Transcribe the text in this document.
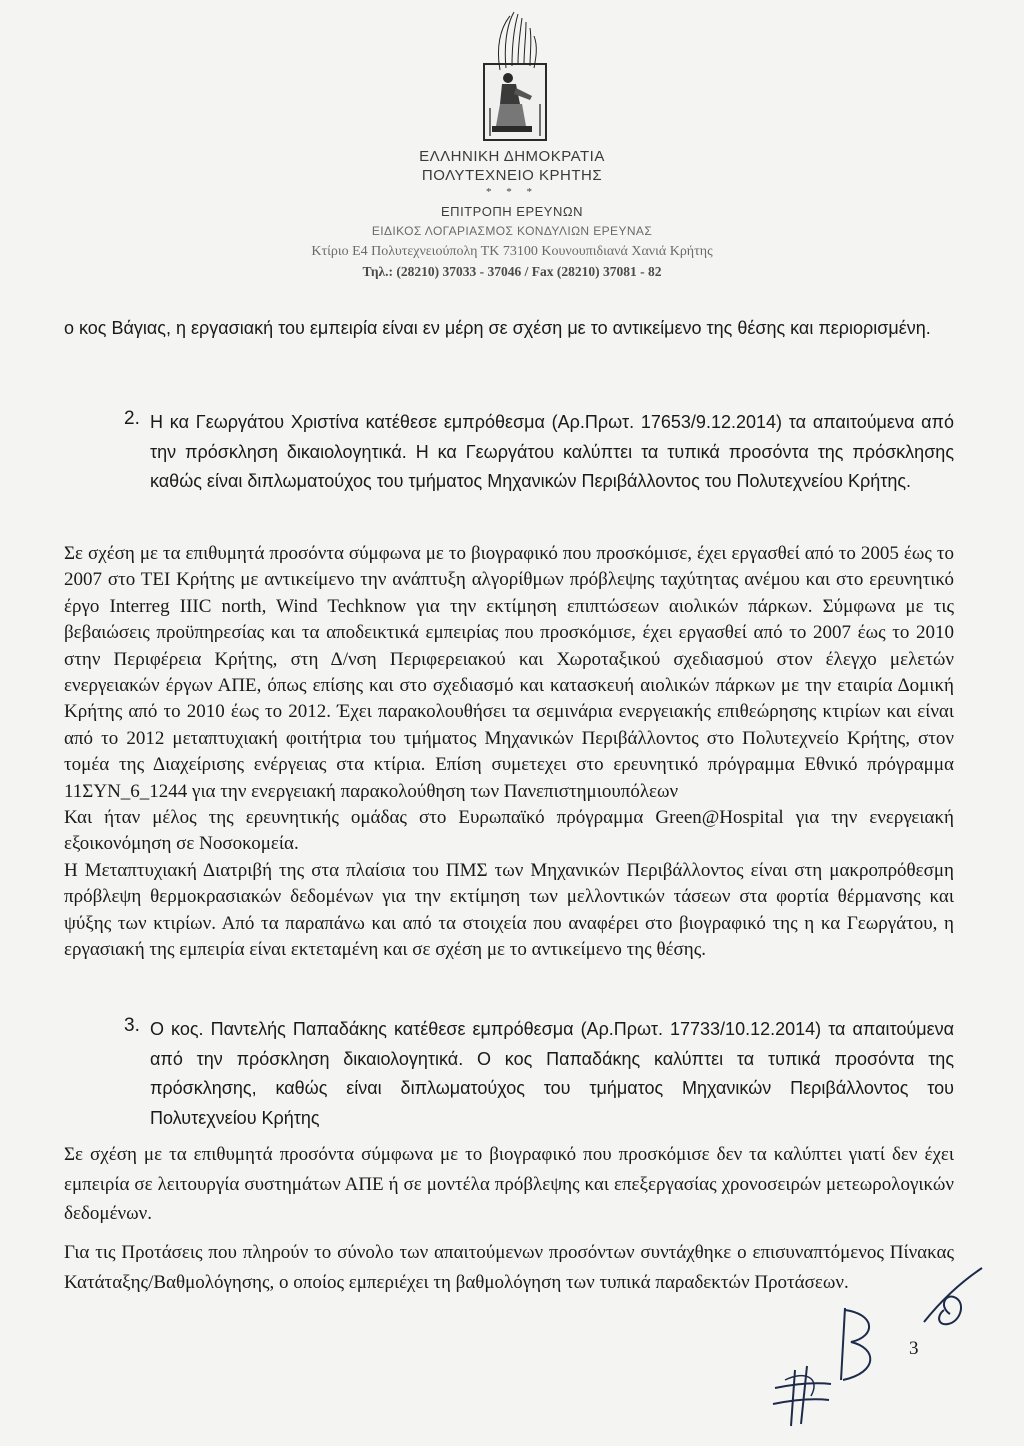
ΕΛΛΗΝΙΚΗ ΔΗΜΟΚΡΑΤΙΑ
ΠΟΛΥΤΕΧΝΕΙΟ ΚΡΗΤΗΣ
* * *
ΕΠΙΤΡΟΠΗ ΕΡΕΥΝΩΝ
ΕΙΔΙΚΟΣ ΛΟΓΑΡΙΑΣΜΟΣ ΚΟΝΔΥΛΙΩΝ ΕΡΕΥΝΑΣ
Κτίριο Ε4 Πολυτεχνειούπολη ΤΚ 73100 Κουνουπιδιανά Χανιά Κρήτης
Τηλ.: (28210) 37033 - 37046 / Fax (28210) 37081 - 82

ο κος Βάγιας, η εργασιακή του εμπειρία είναι εν μέρη σε σχέση με το αντικείμενο της θέσης και περιορισμένη.

2. Η κα Γεωργάτου Χριστίνα κατέθεσε εμπρόθεσμα (Αρ.Πρωτ. 17653/9.12.2014) τα απαιτούμενα από την πρόσκληση δικαιολογητικά. Η κα Γεωργάτου καλύπτει τα τυπικά προσόντα της πρόσκλησης καθώς είναι διπλωματούχος του τμήματος Μηχανικών Περιβάλλοντος του Πολυτεχνείου Κρήτης.

Σε σχέση με τα επιθυμητά προσόντα σύμφωνα με το βιογραφικό που προσκόμισε, έχει εργασθεί από το 2005 έως το 2007 στο ΤΕΙ Κρήτης με αντικείμενο την ανάπτυξη αλγορίθμων πρόβλεψης ταχύτητας ανέμου και στο ερευνητικό έργο Interreg IIIC north, Wind Techknow για την εκτίμηση επιπτώσεων αιολικών πάρκων. Σύμφωνα με τις βεβαιώσεις προϋπηρεσίας και τα αποδεικτικά εμπειρίας που προσκόμισε, έχει εργασθεί από το 2007 έως το 2010 στην Περιφέρεια Κρήτης, στη Δ/νση Περιφερειακού και Χωροταξικού σχεδιασμού στον έλεγχο μελετών ενεργειακών έργων ΑΠΕ, όπως επίσης και στο σχεδιασμό και κατασκευή αιολικών πάρκων με την εταιρία Δομική Κρήτης από το 2010 έως το 2012. Έχει παρακολουθήσει τα σεμινάρια ενεργειακής επιθεώρησης κτιρίων και είναι από το 2012 μεταπτυχιακή φοιτήτρια του τμήματος Μηχανικών Περιβάλλοντος στο Πολυτεχνείο Κρήτης, στον τομέα της Διαχείρισης ενέργειας στα κτίρια. Επίση συμετεχει στο ερευνητικό πρόγραμμα Εθνικό πρόγραμμα 11ΣΥΝ_6_1244 για την ενεργειακή παρακολούθηση των Πανεπιστημιουπόλεων
Και ήταν μέλος της ερευνητικής ομάδας στο Ευρωπαϊκό πρόγραμμα Green@Hospital για την ενεργειακή εξοικονόμηση σε Νοσοκομεία.
Η Μεταπτυχιακή Διατριβή της στα πλαίσια του ΠΜΣ των Μηχανικών Περιβάλλοντος είναι στη μακροπρόθεσμη πρόβλεψη θερμοκρασιακών δεδομένων για την εκτίμηση των μελλοντικών τάσεων στα φορτία θέρμανσης και ψύξης των κτιρίων. Από τα παραπάνω και από τα στοιχεία που αναφέρει στο βιογραφικό της η κα Γεωργάτου, η εργασιακή της εμπειρία είναι εκτεταμένη και σε σχέση με το αντικείμενο της θέσης.
3. Ο κος. Παντελής Παπαδάκης κατέθεσε εμπρόθεσμα (Αρ.Πρωτ. 17733/10.12.2014) τα απαιτούμενα από την πρόσκληση δικαιολογητικά. Ο κος Παπαδάκης καλύπτει τα τυπικά προσόντα της πρόσκλησης, καθώς είναι διπλωματούχος του τμήματος Μηχανικών Περιβάλλοντος του Πολυτεχνείου Κρήτης

Σε σχέση με τα επιθυμητά προσόντα σύμφωνα με το βιογραφικό που προσκόμισε δεν τα καλύπτει γιατί δεν έχει εμπειρία σε λειτουργία συστημάτων ΑΠΕ ή σε μοντέλα πρόβλεψης και επεξεργασίας χρονοσειρών μετεωρολογικών δεδομένων.

Για τις Προτάσεις που πληρούν το σύνολο των απαιτούμενων προσόντων συντάχθηκε ο επισυναπτόμενος Πίνακας Κατάταξης/Βαθμολόγησης, ο οποίος εμπεριέχει τη βαθμολόγηση των τυπικά παραδεκτών Προτάσεων.

3
